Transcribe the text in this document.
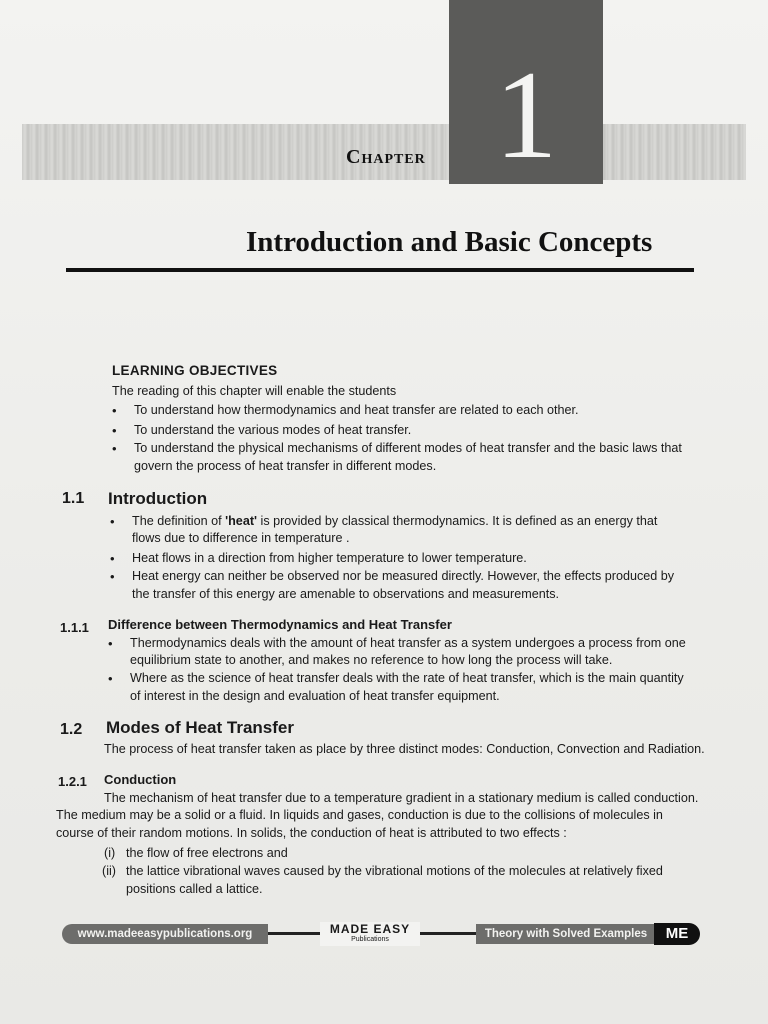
1
Chapter
Introduction and Basic Concepts
LEARNING OBJECTIVES
The reading of this chapter will enable the students
• To understand how thermodynamics and heat transfer are related to each other.
• To understand the various modes of heat transfer.
• To understand the physical mechanisms of different modes of heat transfer and the basic laws that
govern the process of heat transfer in different modes.
1.1 Introduction
• The definition of 'heat' is provided by classical thermodynamics. It is defined as an energy that
flows due to difference in temperature .
• Heat flows in a direction from higher temperature to lower temperature.
• Heat energy can neither be observed nor be measured directly. However, the effects produced by
the transfer of this energy are amenable to observations and measurements.
1.1.1 Difference between Thermodynamics and Heat Transfer
• Thermodynamics deals with the amount of heat transfer as a system undergoes a process from one
equilibrium state to another, and makes no reference to how long the process will take.
• Where as the science of heat transfer deals with the rate of heat transfer, which is the main quantity
of interest in the design and evaluation of heat transfer equipment.
1.2 Modes of Heat Transfer
The process of heat transfer taken as place by three distinct modes: Conduction, Convection and Radiation.
1.2.1 Conduction
The mechanism of heat transfer due to a temperature gradient in a stationary medium is called conduction.
The medium may be a solid or a fluid. In liquids and gases, conduction is due to the collisions of molecules in
course of their random motions. In solids, the conduction of heat is attributed to two effects :
(i) the flow of free electrons and
(ii) the lattice vibrational waves caused by the vibrational motions of the molecules at relatively fixed
positions called a lattice.
www.madeeasypublications.org	MADE EASY
Publications	Theory with Solved Examples	ME
